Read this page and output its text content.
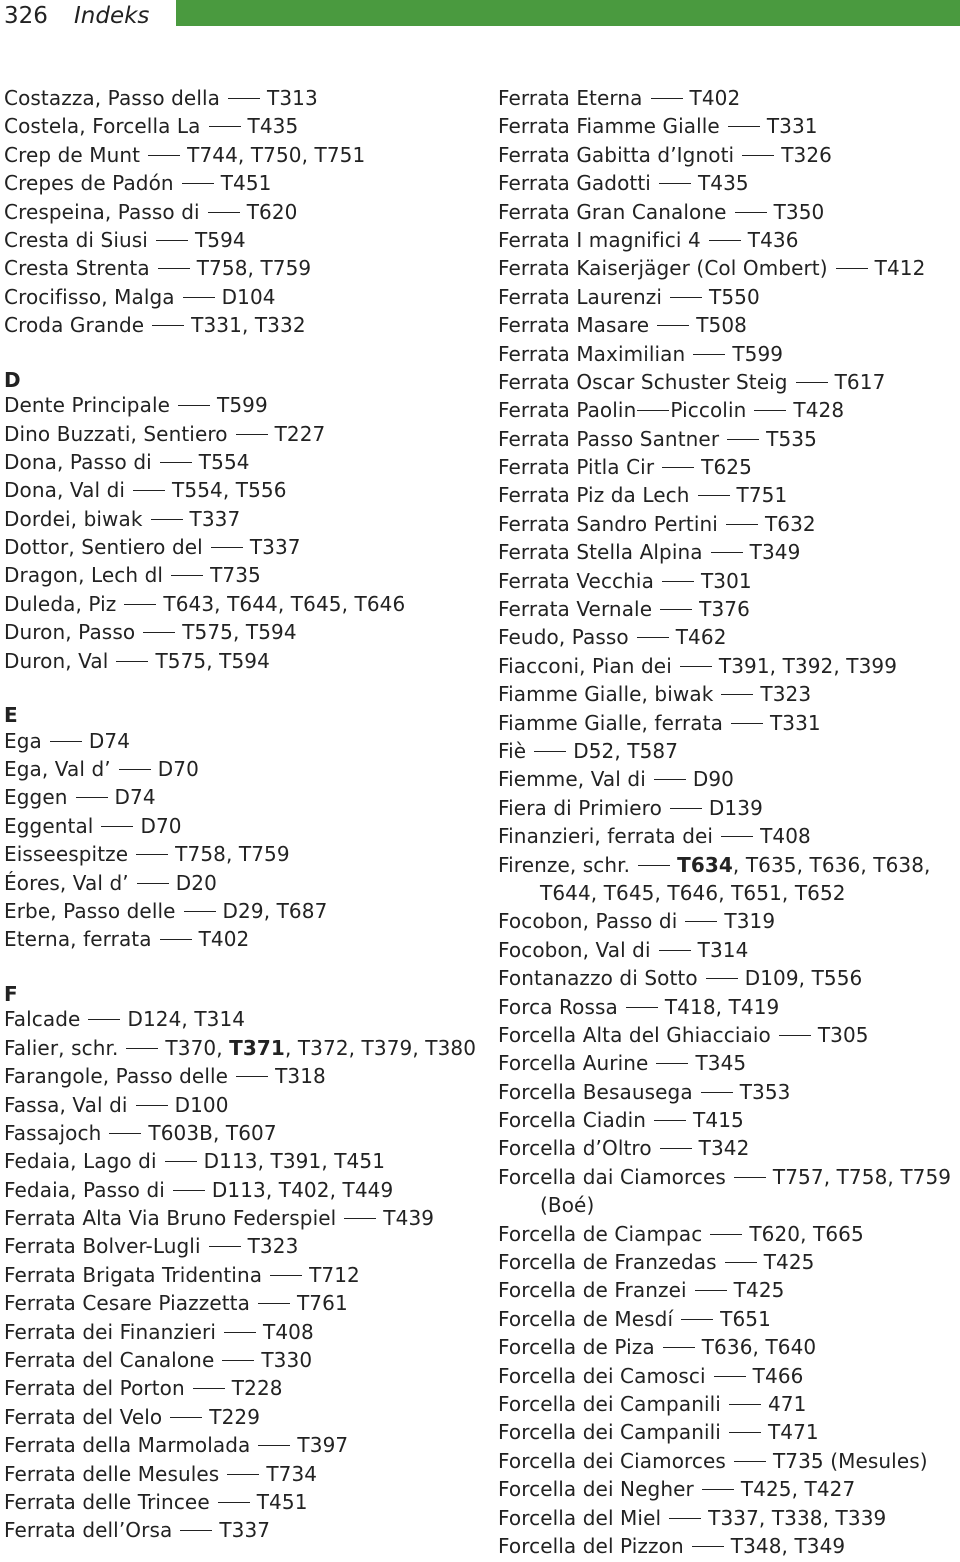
326 Indeks
Costazza, Passo della T313
Costela, Forcella La T435
Crep de Munt T744, T750, T751
Crepes de Padón T451
Crespeina, Passo di T620
Cresta di Siusi T594
Cresta Strenta T758, T759
Crocifisso, Malga D104
Croda Grande T331, T332
D
Dente Principale T599
Dino Buzzati, Sentiero T227
Dona, Passo di T554
Dona, Val di T554, T556
Dordei, biwak T337
Dottor, Sentiero del T337
Dragon, Lech dl T735
Duleda, Piz T643, T644, T645, T646
Duron, Passo T575, T594
Duron, Val T575, T594
E
Ega D74
Ega, Val d’ D70
Eggen D74
Eggental D70
Eisseespitze T758, T759
Éores, Val d’ D20
Erbe, Passo delle D29, T687
Eterna, ferrata T402
F
Falcade D124, T314
Falier, schr. T370, T371, T372, T379, T380
Farangole, Passo delle T318
Fassa, Val di D100
Fassajoch T603B, T607
Fedaia, Lago di D113, T391, T451
Fedaia, Passo di D113, T402, T449
Ferrata Alta Via Bruno Federspiel T439
Ferrata Bolver-Lugli T323
Ferrata Brigata Tridentina T712
Ferrata Cesare Piazzetta T761
Ferrata dei Finanzieri T408
Ferrata del Canalone T330
Ferrata del Porton T228
Ferrata del Velo T229
Ferrata della Marmolada T397
Ferrata delle Mesules T734
Ferrata delle Trincee T451
Ferrata dell’Orsa T337
Ferrata Eterna T402
Ferrata Fiamme Gialle T331
Ferrata Gabitta d’Ignoti T326
Ferrata Gadotti T435
Ferrata Gran Canalone T350
Ferrata I magnifici 4 T436
Ferrata Kaiserjäger (Col Ombert) T412
Ferrata Laurenzi T550
Ferrata Masare T508
Ferrata Maximilian T599
Ferrata Oscar Schuster Steig T617
Ferrata Paolin Piccolin T428
Ferrata Passo Santner T535
Ferrata Pitla Cir T625
Ferrata Piz da Lech T751
Ferrata Sandro Pertini T632
Ferrata Stella Alpina T349
Ferrata Vecchia T301
Ferrata Vernale T376
Feudo, Passo T462
Fiacconi, Pian dei T391, T392, T399
Fiamme Gialle, biwak T323
Fiamme Gialle, ferrata T331
Fiè D52, T587
Fiemme, Val di D90
Fiera di Primiero D139
Finanzieri, ferrata dei T408
Firenze, schr. T634, T635, T636, T638,
T644, T645, T646, T651, T652
Focobon, Passo di T319
Focobon, Val di T314
Fontanazzo di Sotto D109, T556
Forca Rossa T418, T419
Forcella Alta del Ghiacciaio T305
Forcella Aurine T345
Forcella Besausega T353
Forcella Ciadin T415
Forcella d’Oltro T342
Forcella dai Ciamorces T757, T758, T759
(Boé)
Forcella de Ciampac T620, T665
Forcella de Franzedas T425
Forcella de Franzei T425
Forcella de Mesdí T651
Forcella de Piza T636, T640
Forcella dei Camosci T466
Forcella dei Campanili 471
Forcella dei Campanili T471
Forcella dei Ciamorces T735 (Mesules)
Forcella dei Negher T425, T427
Forcella del Miel T337, T338, T339
Forcella del Pizzon T348, T349
